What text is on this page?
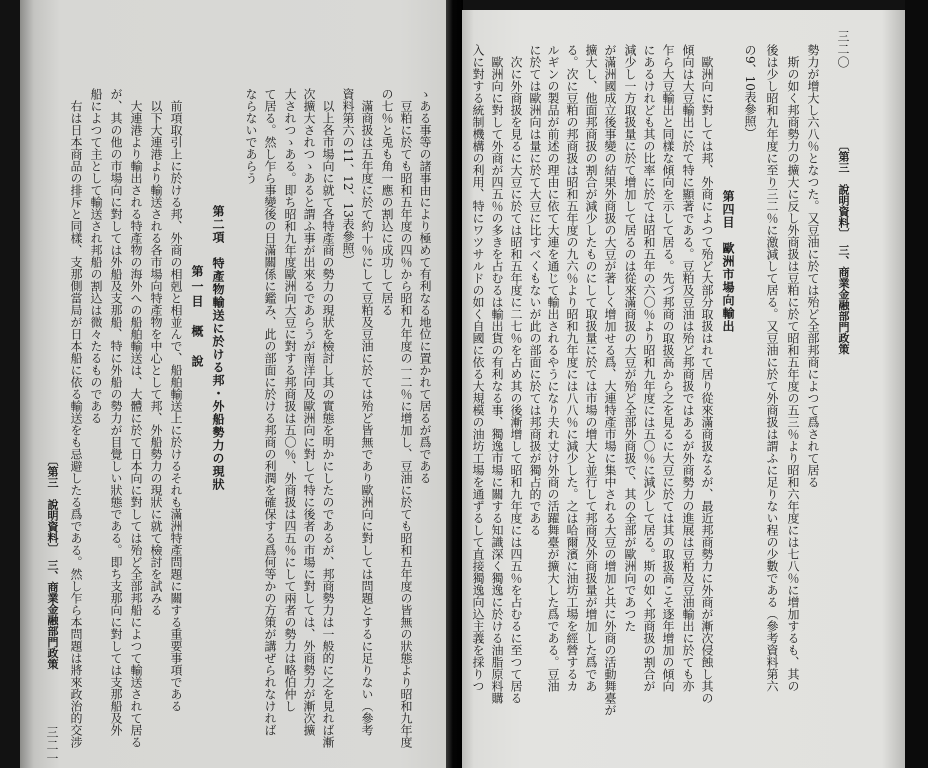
三二〇

〔第三　說明資料〕　三、商業金融部門政策

勢力が增大し六八％となつた。又豆油に於ては殆ど全部邦商によつて爲されて居る

斯の如く邦商勢力の擴大に反し外商扱は豆粕に於て昭和五年度の五三％より昭和六年度には七八％に增加するも、其の

後は少し昭和九年度に至り三二％に激減して居る。又豆油に於て外商扱は謂ふに足りない程の少數である（參考資料第六

の9、10表參照）

第四目　歐洲市場向輸出

歐洲向に對しては邦、外商によつて殆ど大部分取扱はれて居り從來滿商扱なるが、最近邦商勢力に外商が漸次侵蝕し其の

傾向は大豆輸出に於て特に顯著である。豆粕及豆油は殆ど邦商扱ではあるが外商勢力の進展は豆粕及豆油輸出に於ても亦

乍ら大豆輸出と同樣な傾向を示して居る。先づ邦商の取扱高から之を見るに大豆に於ては其の取扱高こそ逐年增加の傾向

にあるけれども其の比率に於ては昭和五年の六〇％より昭和九年度には五〇％に減少して居る。斯の如く邦商扱の割合が

減少し一方取扱量に於て增加して居るのは從來滿商扱の大豆が殆ど全部外商扱で、其の全部が歐洲向であつた

が滿洲國成立後事變の結果外商扱の大豆が著しく增加せる爲、大連特產市場に集中される大豆の增加と共に外商の活動舞臺が

擴大し、他面邦商扱の割合が減少したものにして取扱量に於ては市場の增大と並行して邦商及外商扱量が增加した爲であ

る。次に豆粕の邦商扱は昭和五年度の九六％より昭和九年度には八八％に減少した。之は哈爾濱に油坊工場を經營するカ

ルギンの製品が前述の理由に依て大連を通じて輸出されるやうになり夫れ丈け外商の活躍舞臺が擴大した爲である。豆油

に於ては歐洲向は量に於て大豆に比すべくもないが此の部面に於ては邦商扱が獨占的である

次に外商扱を見るに大豆に於ては昭和五年度に二七％を占め其の後漸增して昭和九年度には四五％を占むるに至つて居る

歐洲向に對して外商が四五％の多きを占むるは輸出貨の有利なる事、獨逸市場に關する知識深く獨逸に於ける油脂原料購

入に對する統制機構の利用、特にワツサルドの如く自國に依る大規模の油坊工場を通ずるして直接獨逸向込主義を採りつ

ゝある事等の諸事由により極めて有利なる地位に置かれて居るが爲である

豆粕に於ても昭和五年度の四％から昭和九年度の一二％に增加し、豆油に於ても昭和五年度の皆無の狀態より昭和九年度

の七％と兎も角一應の割込に成功して居る

滿商扱は五年度に於て約十％にして豆粕及豆油に於ては殆ど皆無であり歐洲向に對しては問題とするに足りない（參考

資料第六の11、12、13表參照）

以上各市場向に就て各特產商の勢力の現狀を檢討し其の實態を明かにしたのであるが、邦商勢力は一般的に之を見れば漸

次擴大されつゝあると謂ふ事が出來るであらうが南洋向及歐洲向に對して特に後者の市場に對しては、外商勢力が漸次擴

大されつゝある。即ち昭和九年度歐洲向大豆に對する邦商扱は五〇％、外商扱は四五％にして兩者の勢力は略伯仲し

て居る。然し乍ら事變後の日滿關係に鑑み、此の部面に於ける邦商の利潤を確保する爲何等かの方策が講ぜられなければ

ならないであらう

第二項　特產物輸送に於ける邦・外船勢力の現狀

第一目　概　說

前項取引上に於ける邦、外商の相剋と相並んで、船舶輸送上に於けるそれも滿洲特產問題に關する重要事項である

以下大連港より輸送される各市場向特產物を中心として邦、外船勢力の現狀に就て檢討を試みる

大連港より輸出される特產物の海外への船舶輸送は、大體に於て日本向に對しては殆ど全部邦船によつて輸送されて居る

が、其の他の市場向に對しては外船及支那船、特に外船の勢力が目覺しい狀態である。即ち支那向に對しては支那船及外

船によつて主として輸送され邦船の割込は微々たるものである

右は日本商品の排斥と同樣、支那側當局が日本船に依る輸送をも忌避したる爲である。然し乍ら本問題は將來政治的交涉

〔第三　說明資料〕　三、商業金融部門政策

三二一
